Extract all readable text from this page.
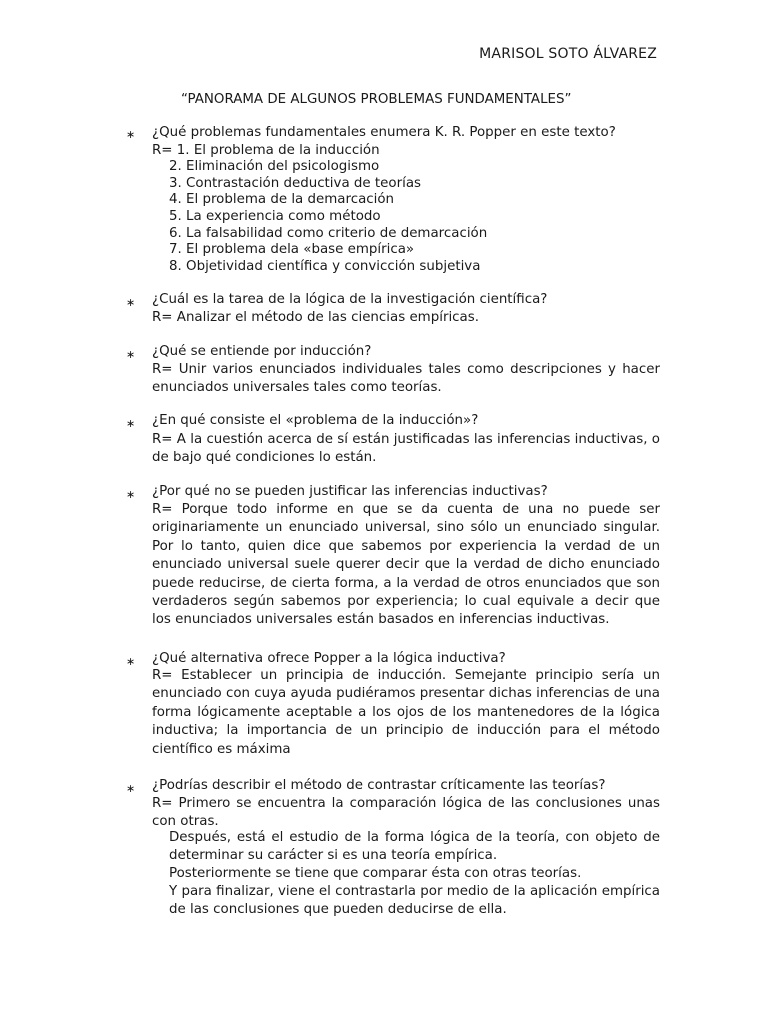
MARISOL SOTO ÁLVAREZ
“PANORAMA DE ALGUNOS PROBLEMAS FUNDAMENTALES”
∗ ¿Qué problemas fundamentales enumera K. R. Popper en este texto?

R= 1. El problema de la inducción

2. Eliminación del psicologismo

3. Contrastación deductiva de teorías

4. El problema de la demarcación

5. La experiencia como método

6. La falsabilidad como criterio de demarcación

7. El problema dela «base empírica»

8. Objetividad científica y convicción subjetiva

∗ ¿Cuál es la tarea de la lógica de la investigación científica?

R= Analizar el método de las ciencias empíricas.

∗ ¿Qué se entiende por inducción?

R= Unir varios enunciados individuales tales como descripciones y hacer enunciados universales tales como teorías.

∗ ¿En qué consiste el «problema de la inducción»?

R= A la cuestión acerca de sí están justificadas las inferencias inductivas, o de bajo qué condiciones lo están.

∗ ¿Por qué no se pueden justificar las inferencias inductivas?

R= Porque todo informe en que se da cuenta de una no puede ser originariamente un enunciado universal, sino sólo un enunciado singular. Por lo tanto, quien dice que sabemos por experiencia la verdad de un enunciado universal suele querer decir que la verdad de dicho enunciado puede reducirse, de cierta forma, a la verdad de otros enunciados que son verdaderos según sabemos por experiencia; lo cual equivale a decir que los enunciados universales están basados en inferencias inductivas.

∗ ¿Qué alternativa ofrece Popper a la lógica inductiva?

R= Establecer un principia de inducción. Semejante principio sería un enunciado con cuya ayuda pudiéramos presentar dichas inferencias de una forma lógicamente aceptable a los ojos de los mantenedores de la lógica inductiva; la importancia de un principio de inducción para el método científico es máxima

∗ ¿Podrías describir el método de contrastar críticamente las teorías?

R= Primero se encuentra la comparación lógica de las conclusiones unas con otras.

Después, está el estudio de la forma lógica de la teoría, con objeto de determinar su carácter si es una teoría empírica.

Posteriormente se tiene que comparar ésta con otras teorías.

Y para finalizar, viene el contrastarla por medio de la aplicación empírica de las conclusiones que pueden deducirse de ella.
